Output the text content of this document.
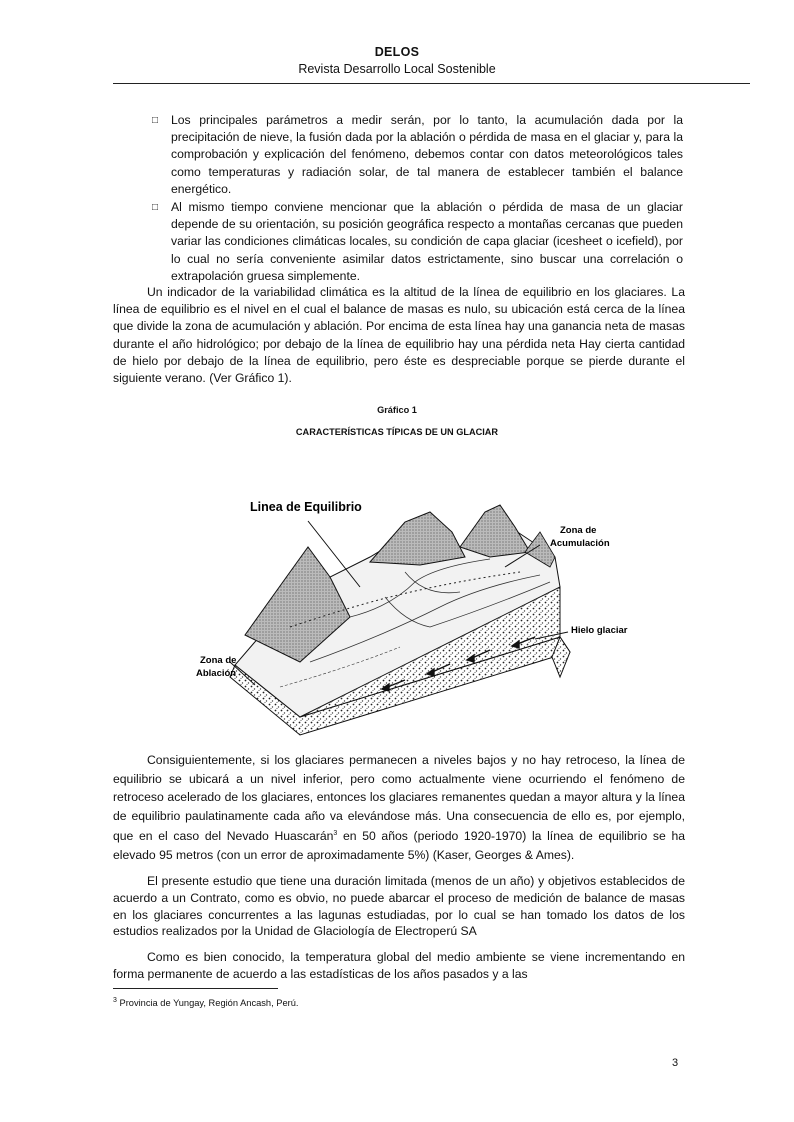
DELOS
Revista Desarrollo Local Sostenible
□	Los principales parámetros a medir serán, por lo tanto, la acumulación dada por la precipitación de nieve, la fusión dada por la ablación o pérdida de masa en el glaciar y, para la comprobación y explicación del fenómeno, debemos contar con datos meteorológicos tales como temperaturas y radiación solar, de tal manera de establecer también el balance energético.
□	Al mismo tiempo conviene mencionar que la ablación o pérdida de masa de un glaciar depende de su orientación, su posición geográfica respecto a montañas cercanas que pueden variar las condiciones climáticas locales, su condición de capa glaciar (icesheet o icefield), por lo cual no sería conveniente asimilar datos estrictamente, sino buscar una correlación o extrapolación gruesa simplemente.
Un indicador de la variabilidad climática es la altitud de la línea de equilibrio en los glaciares. La línea de equilibrio es el nivel en el cual el balance de masas es nulo, su ubicación está cerca de la línea que divide la zona de acumulación y ablación. Por encima de esta línea hay una ganancia neta de masas durante el año hidrológico; por debajo de la línea de equilibrio hay una pérdida neta Hay cierta cantidad de hielo por debajo de la línea de equilibrio, pero éste es despreciable porque se pierde durante el siguiente verano. (Ver Gráfico 1).
Gráfico 1
CARACTERÍSTICAS TÍPICAS DE UN GLACIAR
Linea de Equilibrio
Zona de
Acumulación
Hielo glaciar
Zona de
Ablación
Consiguientemente, si los glaciares permanecen a niveles bajos y no hay retroceso, la línea de equilibrio se ubicará a un nivel inferior, pero como actualmente viene ocurriendo el fenómeno de retroceso acelerado de los glaciares, entonces los glaciares remanentes quedan a mayor altura y la línea de equilibrio paulatinamente cada año va elevándose más. Una consecuencia de ello es, por ejemplo, que en el caso del Nevado Huascarán$^3$ en 50 años (periodo 1920-1970) la línea de equilibrio se ha elevado 95 metros (con un error de aproximadamente 5%) (Kaser, Georges & Ames).
El presente estudio que tiene una duración limitada (menos de un año) y objetivos establecidos de acuerdo a un Contrato, como es obvio, no puede abarcar el proceso de medición de balance de masas en los glaciares concurrentes a las lagunas estudiadas, por lo cual se han tomado los datos de los estudios realizados por la Unidad de Glaciología de Electroperú SA
Como es bien conocido, la temperatura global del medio ambiente se viene incrementando en forma permanente de acuerdo a las estadísticas de los años pasados y a las
$^3$ Provincia de Yungay, Región Ancash, Perú.
3
